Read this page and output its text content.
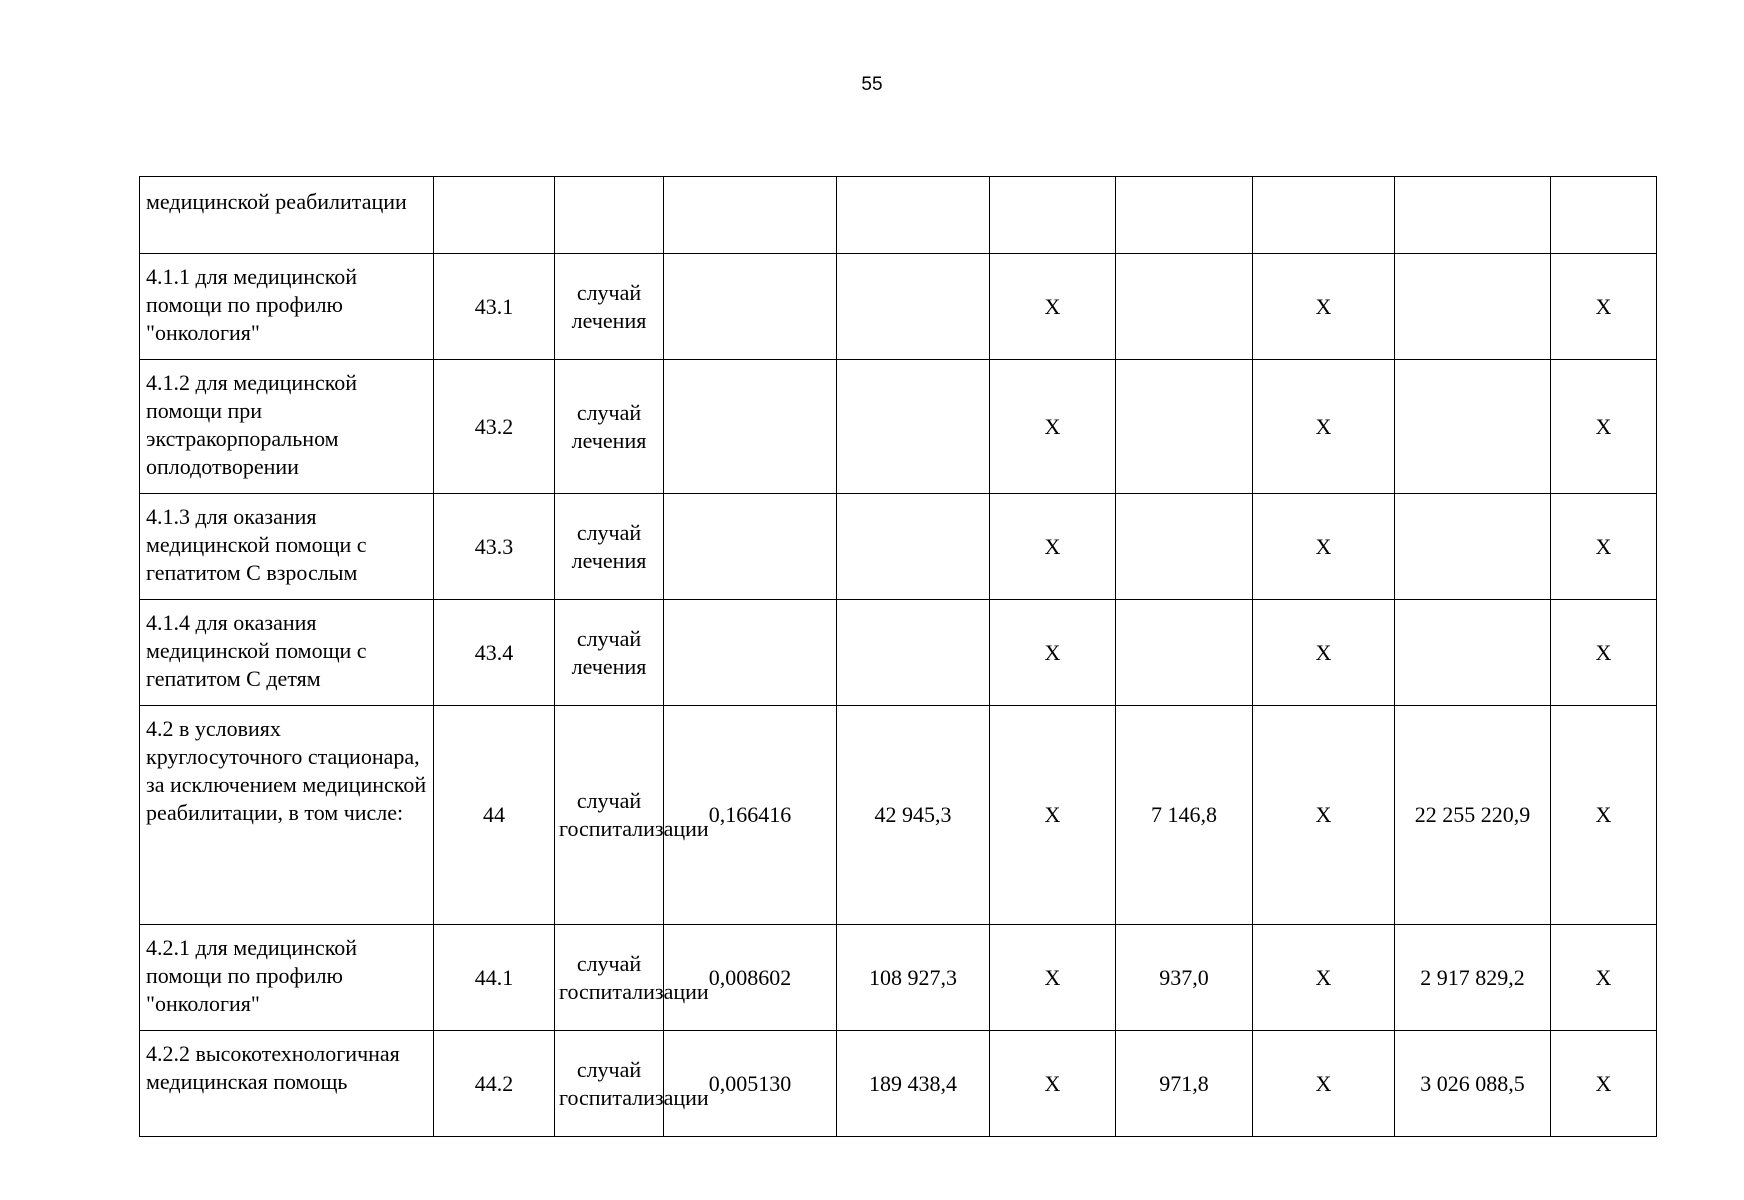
55
медицинской реабилитации									
4.1.1 для медицинской помощи по профилю "онкология"	43.1	случай лечения			X		X		X
4.1.2 для медицинской помощи при экстракорпоральном оплодотворении	43.2	случай лечения			X		X		X
4.1.3 для оказания медицинской помощи с гепатитом С взрослым	43.3	случай лечения			X		X		X
4.1.4 для оказания медицинской помощи с гепатитом С детям	43.4	случай лечения			X		X		X
4.2 в условиях круглосуточного стационара, за исключением медицинской реабилитации, в том числе:	44	случай госпитализации	0,166416	42 945,3	X	7 146,8	X	22 255 220,9	X
4.2.1 для медицинской помощи по профилю "онкология"	44.1	случай госпитализации	0,008602	108 927,3	X	937,0	X	2 917 829,2	X
4.2.2 высокотехнологичная медицинская помощь	44.2	случай госпитализации	0,005130	189 438,4	X	971,8	X	3 026 088,5	X
